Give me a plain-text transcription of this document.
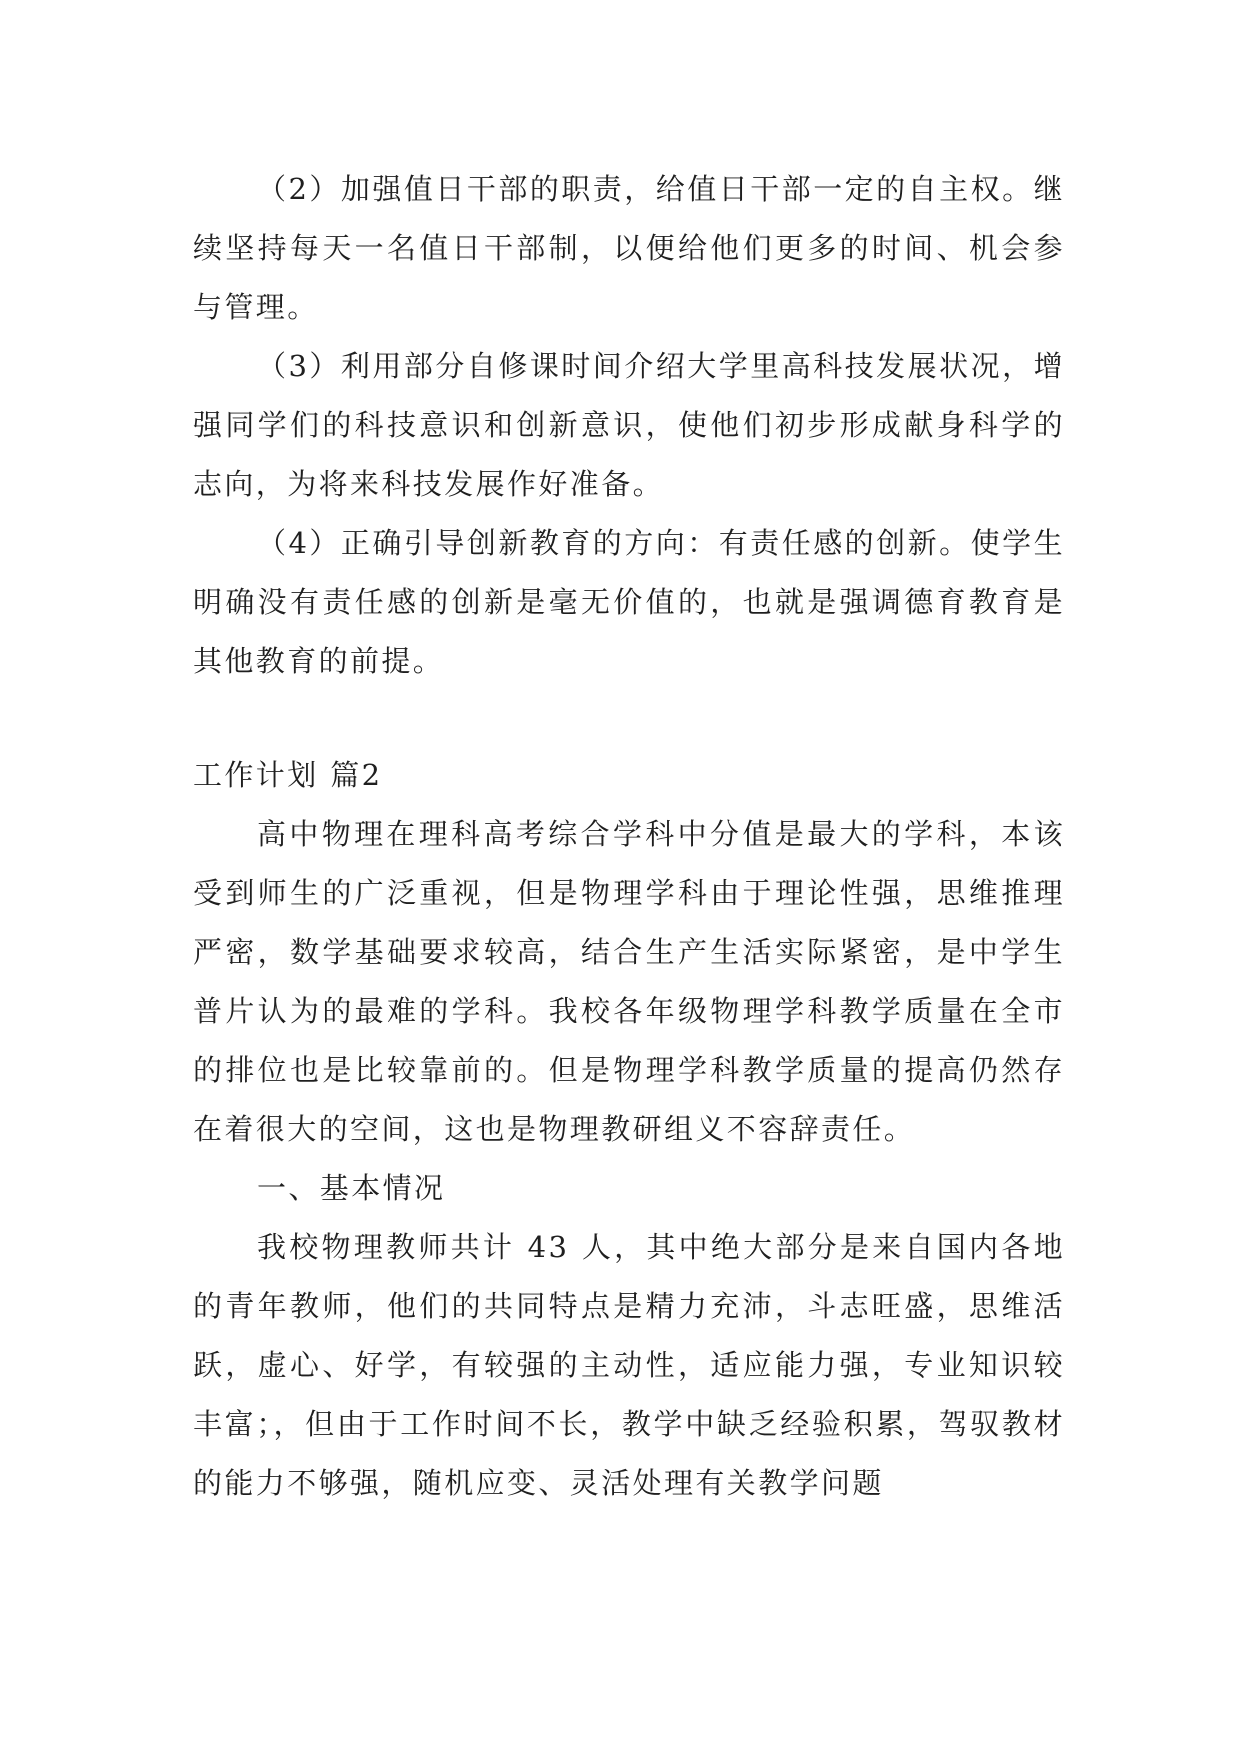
（2）加强值日干部的职责，给值日干部一定的自主权。继续坚持每天一名值日干部制，以便给他们更多的时间、机会参与管理。

（3）利用部分自修课时间介绍大学里高科技发展状况，增强同学们的科技意识和创新意识，使他们初步形成献身科学的志向，为将来科技发展作好准备。

（4）正确引导创新教育的方向：有责任感的创新。使学生明确没有责任感的创新是毫无价值的，也就是强调德育教育是其他教育的前提。

工作计划 篇2

高中物理在理科高考综合学科中分值是最大的学科，本该受到师生的广泛重视，但是物理学科由于理论性强，思维推理严密，数学基础要求较高，结合生产生活实际紧密，是中学生普片认为的最难的学科。我校各年级物理学科教学质量在全市的排位也是比较靠前的。但是物理学科教学质量的提高仍然存在着很大的空间，这也是物理教研组义不容辞责任。

一、基本情况

我校物理教师共计 43 人，其中绝大部分是来自国内各地的青年教师，他们的共同特点是精力充沛，斗志旺盛，思维活跃，虚心、好学，有较强的主动性，适应能力强，专业知识较丰富；，但由于工作时间不长，教学中缺乏经验积累，驾驭教材的能力不够强，随机应变、灵活处理有关教学问题
